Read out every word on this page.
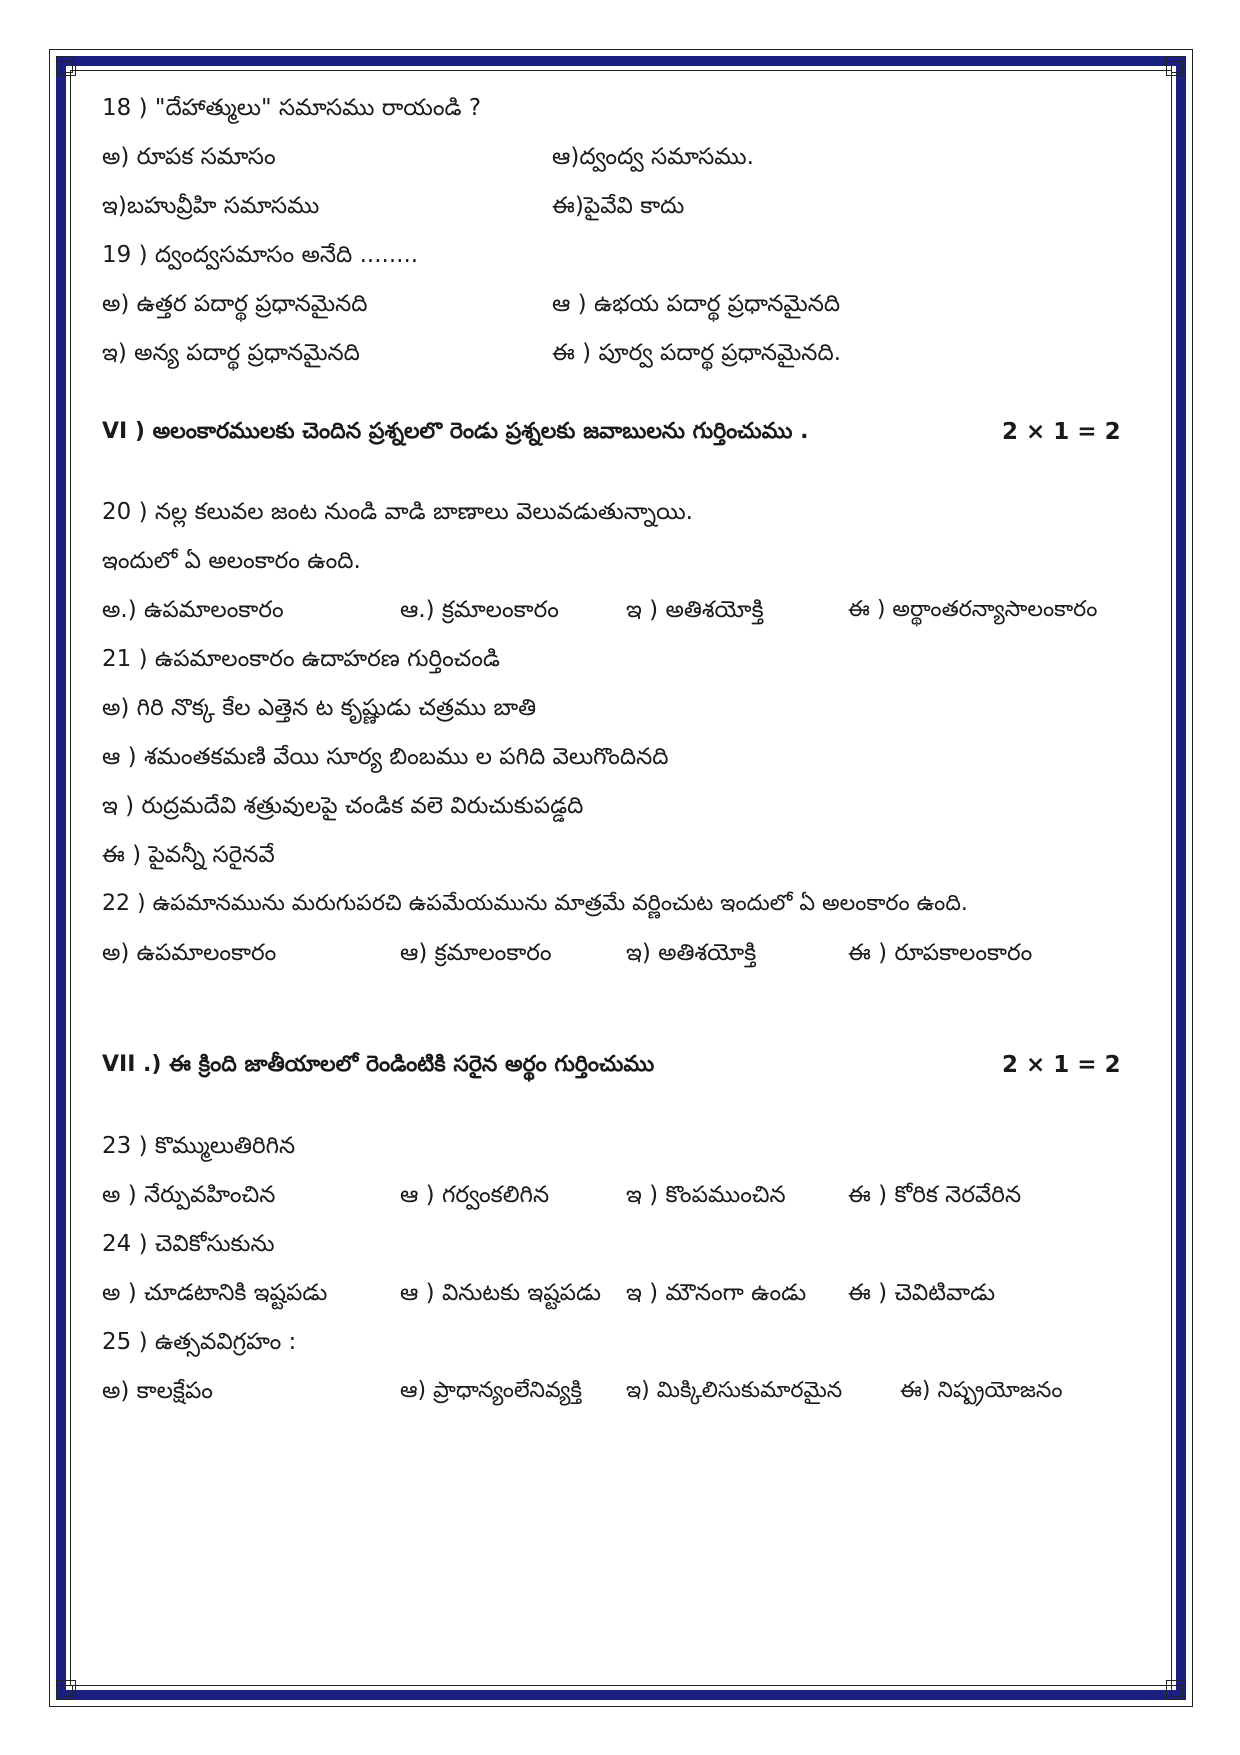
18 ) "దేహాత్ములు" సమాసము రాయండి ?
అ) రూపక సమాసం	ఆ)ద్వంద్వ సమాసము.
ఇ)బహువ్రీహి సమాసము	ఈ)పైవేవి కాదు
19 ) ద్వంద్వసమాసం అనేది ........
అ) ఉత్తర పదార్థ ప్రధానమైనది	ఆ ) ఉభయ పదార్థ ప్రధానమైనది
ఇ) అన్య పదార్థ ప్రధానమైనది	ఈ ) పూర్వ పదార్థ ప్రధానమైనది.
VI ) అలంకారములకు చెందిన ప్రశ్నలలొ రెండు ప్రశ్నలకు జవాబులను గుర్తించుము .	2 × 1 = 2
20 ) నల్ల కలువల జంట నుండి వాడి బాణాలు వెలువడుతున్నాయి.
ఇందులో ఏ అలంకారం ఉంది.
అ.) ఉపమాలంకారం	ఆ.) క్రమాలంకారం	ఇ ) అతిశయోక్తి	ఈ ) అర్థాంతరన్యాసాలంకారం
21 ) ఉపమాలంకారం ఉదాహరణ గుర్తించండి
అ) గిరి నొక్క కేల ఎత్తెన ట కృష్ణుడు చత్రము బాతి
ఆ ) శమంతకమణి వేయి సూర్య బింబము ల పగిది వెలుగొందినది
ఇ ) రుద్రమదేవి శత్రువులపై చండిక వలె విరుచుకుపడ్డది
ఈ ) పైవన్నీ సరైనవే
22 ) ఉపమానమును మరుగుపరచి ఉపమేయమును మాత్రమే వర్ణించుట ఇందులో ఏ అలంకారం ఉంది.
అ) ఉపమాలంకారం	ఆ) క్రమాలంకారం	ఇ) అతిశయోక్తి	ఈ ) రూపకాలంకారం
VII .) ఈ క్రింది జాతీయాలలో రెండింటికి సరైన అర్థం గుర్తించుము	2 × 1 = 2
23 ) కొమ్ములుతిరిగిన
అ ) నేర్పువహించిన	ఆ ) గర్వంకలిగిన	ఇ ) కొంపముంచిన	ఈ ) కోరిక నెరవేరిన
24 ) చెవికోసుకును
అ ) చూడటానికి ఇష్టపడు	ఆ ) వినుటకు ఇష్టపడు ఇ ) మౌనంగా ఉండు ఈ ) చెవిటివాడు
25 ) ఉత్సవవిగ్రహం :
అ) కాలక్షేపం	ఆ) ప్రాధాన్యంలేనివ్యక్తి ఇ) మిక్కిలిసుకుమారమైన	ఈ) నిష్ప్రయోజనం
